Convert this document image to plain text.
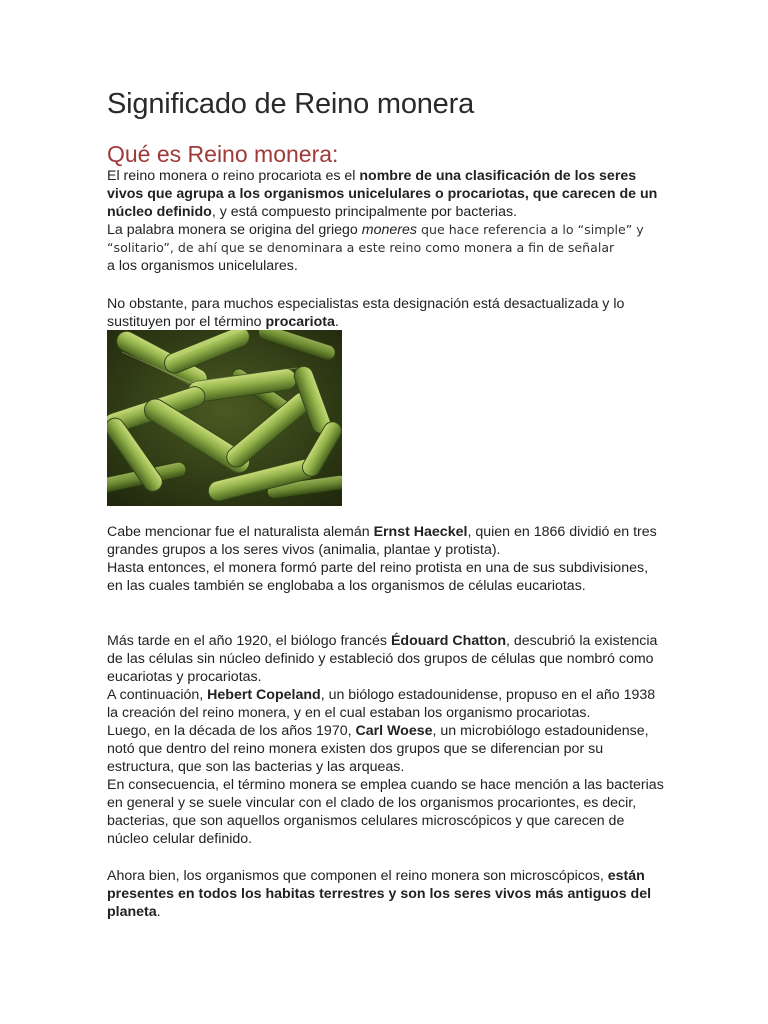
Significado de Reino monera
Qué es Reino monera:

El reino monera o reino procariota es el nombre de una clasificación de los seres vivos que agrupa a los organismos unicelulares o procariotas, que carecen de un núcleo definido, y está compuesto principalmente por bacterias.
La palabra monera se origina del griego moneres que hace referencia a lo “simple” y “solitario”, de ahí que se denominara a este reino como monera a fin de señalar
a los organismos unicelulares.

No obstante, para muchos especialistas esta designación está desactualizada y lo sustituyen por el término procariota.

Cabe mencionar fue el naturalista alemán Ernst Haeckel, quien en 1866 dividió en tres grandes grupos a los seres vivos (animalia, plantae y protista).
Hasta entonces, el monera formó parte del reino protista en una de sus subdivisiones, en las cuales también se englobaba a los organismos de células eucariotas.

Más tarde en el año 1920, el biólogo francés Édouard Chatton, descubrió la existencia de las células sin núcleo definido y estableció dos grupos de células que nombró como eucariotas y procariotas.
A continuación, Hebert Copeland, un biólogo estadounidense, propuso en el año 1938 la creación del reino monera, y en el cual estaban los organismo procariotas.
Luego, en la década de los años 1970, Carl Woese, un microbiólogo estadounidense, notó que dentro del reino monera existen dos grupos que se diferencian por su estructura, que son las bacterias y las arqueas.
En consecuencia, el término monera se emplea cuando se hace mención a las bacterias en general y se suele vincular con el clado de los organismos procariontes, es decir, bacterias, que son aquellos organismos celulares microscópicos y que carecen de núcleo celular definido.

Ahora bien, los organismos que componen el reino monera son microscópicos, están presentes en todos los habitas terrestres y son los seres vivos más antiguos del planeta.
